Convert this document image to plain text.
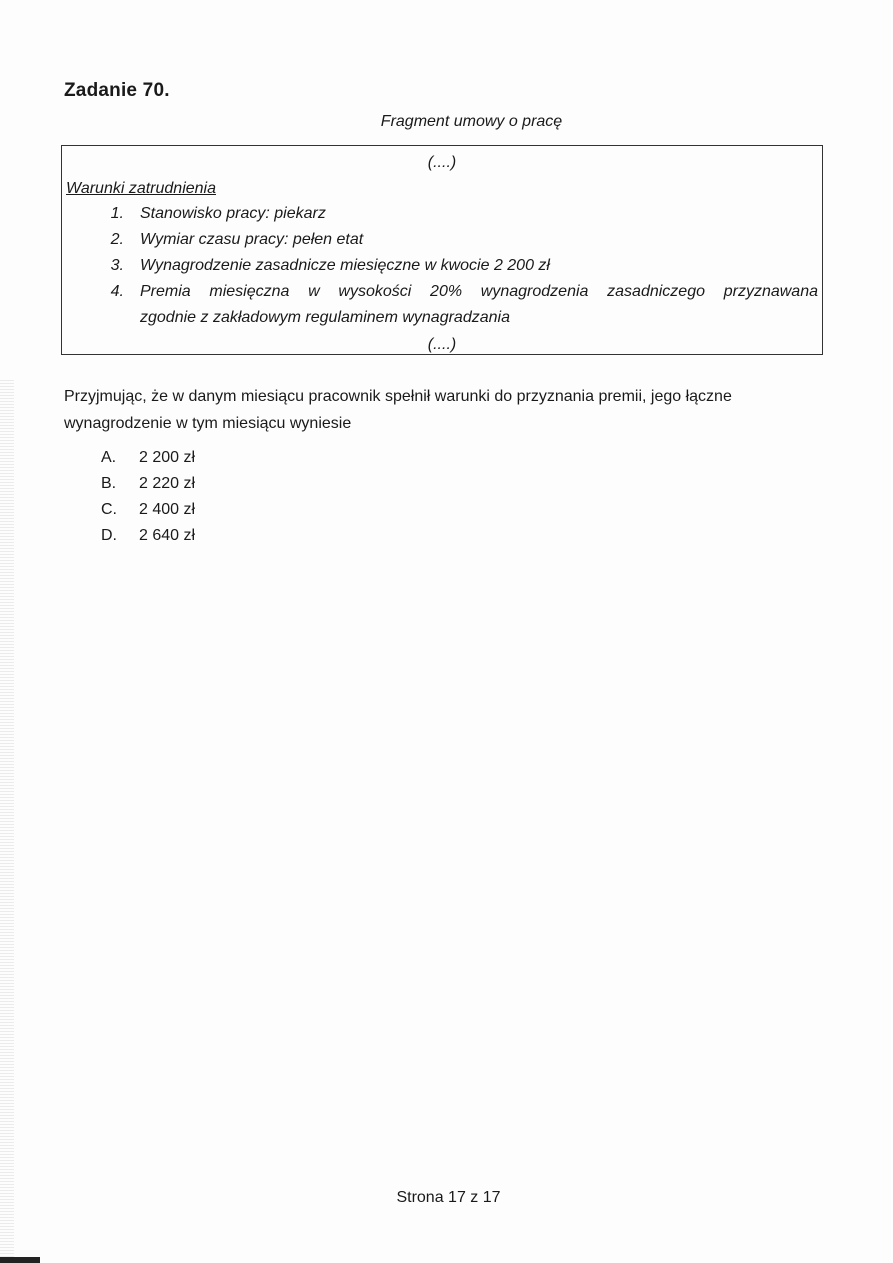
Zadanie 70.
Fragment umowy o pracę
(....)
Warunki zatrudnienia
1. Stanowisko pracy: piekarz
2. Wymiar czasu pracy: pełen etat
3. Wynagrodzenie zasadnicze miesięczne w kwocie 2 200 zł
4. Premia miesięczna w wysokości 20% wynagrodzenia zasadniczego przyznawana
zgodnie z zakładowym regulaminem wynagradzania
(....)
Przyjmując, że w danym miesiącu pracownik spełnił warunki do przyznania premii, jego łączne wynagrodzenie w tym miesiącu wyniesie
A. 2 200 zł
B. 2 220 zł
C. 2 400 zł
D. 2 640 zł
Strona 17 z 17
